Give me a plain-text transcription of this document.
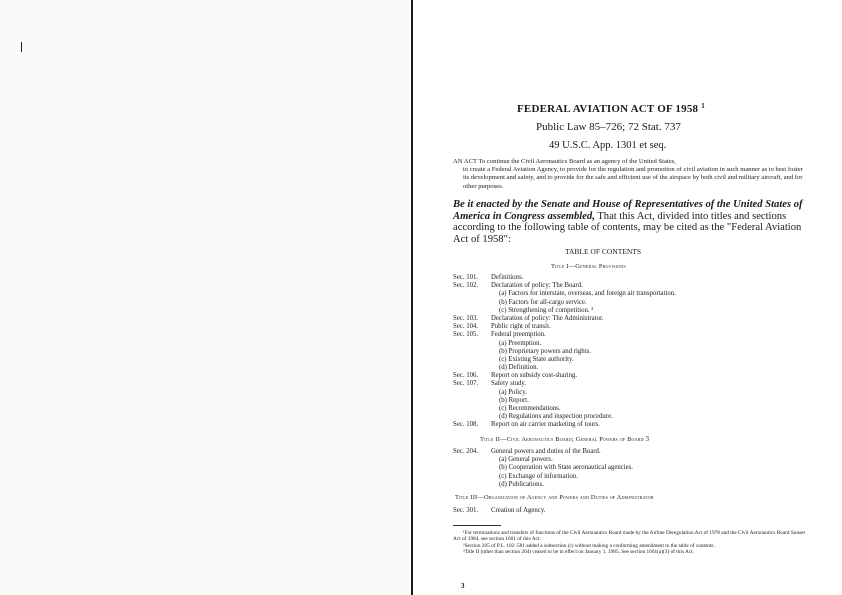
FEDERAL AVIATION ACT OF 1958 $^1$
Public Law 85–726; 72 Stat. 737
49 U.S.C. App. 1301 et seq.
AN ACT To continue the Civil Aeronautics Board as an agency of the United States,
to create a Federal Aviation Agency, to provide for the regulation and promotion of civil aviation in such manner as to best foster its development and safety, and to provide for the safe and efficient use of the airspace by both civil and military aircraft, and for other purposes.
Be it enacted by the Senate and House of Representatives of the United States of America in Congress assembled, That this Act, divided into titles and sections according to the following table of contents, may be cited as the "Federal Aviation Act of 1958":
TABLE OF CONTENTS
Title I—General Provisions
Sec. 101. Definitions.
Sec. 102. Declaration of policy: The Board.
(a) Factors for interstate, overseas, and foreign air transportation.
(b) Factors for all-cargo service.
(c) Strengthening of competition. ²
Sec. 103. Declaration of policy: The Administrator.
Sec. 104. Public right of transit.
Sec. 105. Federal preemption.
(a) Preemption.
(b) Proprietary powers and rights.
(c) Existing State authority.
(d) Definition.
Sec. 106. Report on subsidy cost-sharing.
Sec. 107. Safety study.
(a) Policy.
(b) Report.
(c) Recommendations.
(d) Regulations and inspection procedure.
Sec. 108. Report on air carrier marketing of tours.
Title II—Civil Aeronautics Board; General Powers of Board 3
Sec. 204. General powers and duties of the Board.
(a) General powers.
(b) Cooperation with State aeronautical agencies.
(c) Exchange of information.
(d) Publications.
Title III—Organization of Agency and Powers and Duties of Administrator
Sec. 301. Creation of Agency.
¹For terminations and transfers of functions of the Civil Aeronautics Board made by the Airline Deregulation Act of 1978 and the Civil Aeronautics Board Sunset Act of 1984, see section 1601 of this Act.
²Section 205 of P.L. 102–581 added a subsection (c) without making a conforming amendment to the table of contents.
³Title II (other than section 204) ceased to be in effect on January 1, 1985. See section 1601(a)(3) of this Act.
3
